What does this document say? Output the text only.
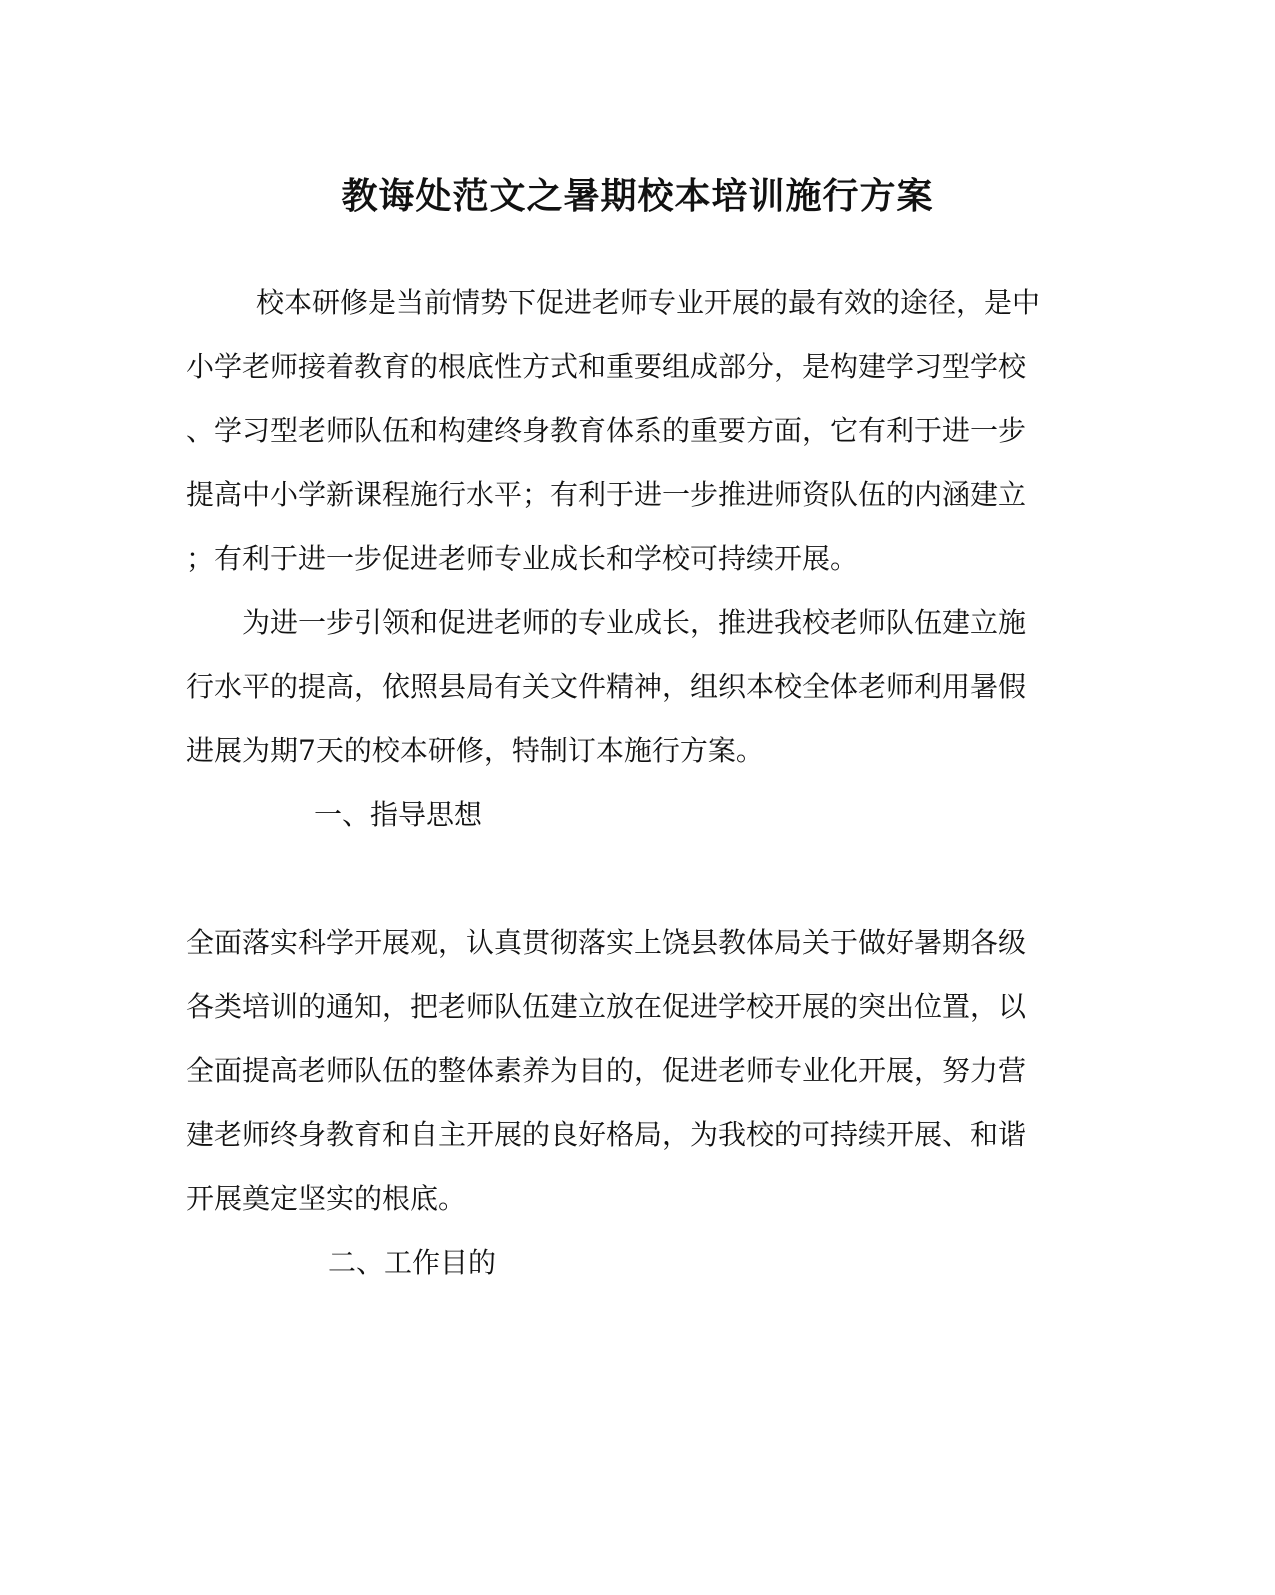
教诲处范文之暑期校本培训施行方案

校本研修是当前情势下促进老师专业开展的最有效的途径，是中

小学老师接着教育的根底性方式和重要组成部分，是构建学习型学校

、学习型老师队伍和构建终身教育体系的重要方面，它有利于进一步

提高中小学新课程施行水平；有利于进一步推进师资队伍的内涵建立

；有利于进一步促进老师专业成长和学校可持续开展。

为进一步引领和促进老师的专业成长，推进我校老师队伍建立施

行水平的提高，依照县局有关文件精神，组织本校全体老师利用暑假

进展为期7天的校本研修，特制订本施行方案。

一、指导思想

全面落实科学开展观，认真贯彻落实上饶县教体局关于做好暑期各级

各类培训的通知，把老师队伍建立放在促进学校开展的突出位置，以

全面提高老师队伍的整体素养为目的，促进老师专业化开展，努力营

建老师终身教育和自主开展的良好格局，为我校的可持续开展、和谐

开展奠定坚实的根底。

二、工作目的
